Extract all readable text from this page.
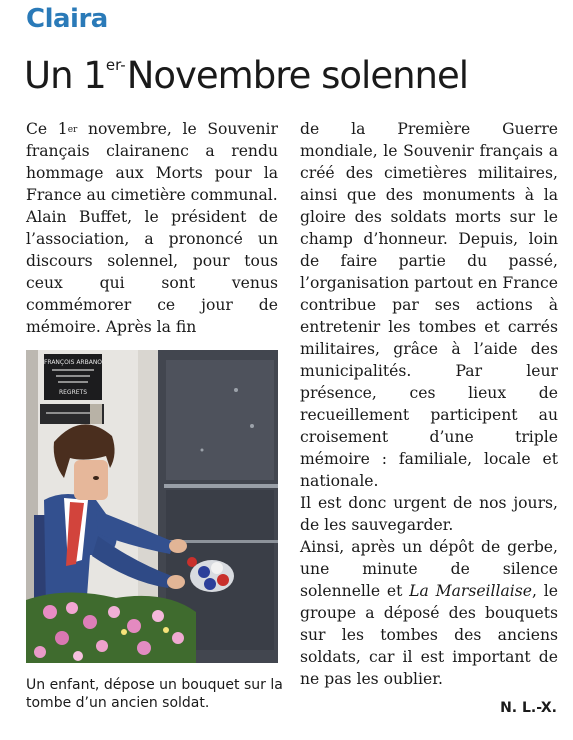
Claira
Un $1^{er-}Novembre$ solennel

Ce 1er novembre, le Souvenir français clairanenc a rendu hommage aux Morts pour la France au cimetière communal.

Alain Buffet, le président de l’association, a prononcé un discours solennel, pour tous ceux qui sont venus commémorer ce jour de mémoire. Après la fin

FRANÇOIS ARBANO
REGRETS

de la Première Guerre mondiale, le Souvenir français a créé des cimetières militaires, ainsi que des monuments à la gloire des soldats morts sur le champ d’honneur. Depuis, loin de faire partie du passé, l’organisation partout en France contribue par ses actions à entretenir les tombes et carrés militaires, grâce à l’aide des municipalités. Par leur présence, ces lieux de recueillement participent au croisement d’une triple mémoire : familiale, locale et nationale.

Il est donc urgent de nos jours, de les sauvegarder.

Ainsi, après un dépôt de gerbe, une minute de silence solennelle et La Marseillaise, le groupe a déposé des bouquets sur les tombes des anciens soldats, car il est important de ne pas les oublier.

Un enfant, dépose un bouquet sur la tombe d’un ancien soldat.	N. L.-X.
